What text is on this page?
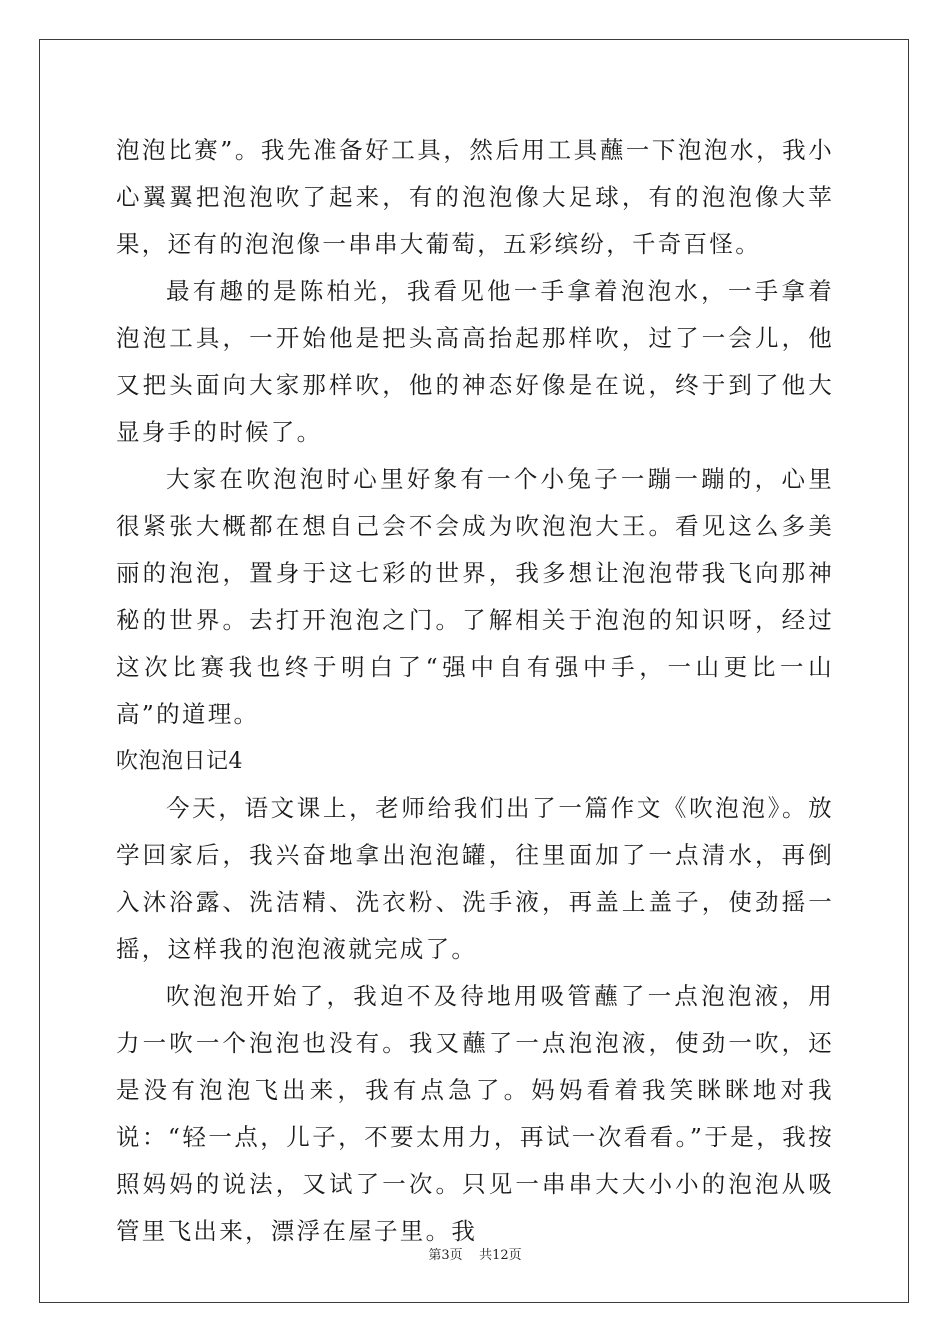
泡泡比赛”。我先准备好工具，然后用工具蘸一下泡泡水，我小心翼翼把泡泡吹了起来，有的泡泡像大足球，有的泡泡像大苹果，还有的泡泡像一串串大葡萄，五彩缤纷，千奇百怪。

最有趣的是陈柏光，我看见他一手拿着泡泡水，一手拿着泡泡工具，一开始他是把头高高抬起那样吹，过了一会儿，他又把头面向大家那样吹，他的神态好像是在说，终于到了他大显身手的时候了。

大家在吹泡泡时心里好象有一个小兔子一蹦一蹦的，心里很紧张大概都在想自己会不会成为吹泡泡大王。看见这么多美丽的泡泡，置身于这七彩的世界，我多想让泡泡带我飞向那神秘的世界。去打开泡泡之门。了解相关于泡泡的知识呀，经过这次比赛我也终于明白了“强中自有强中手，一山更比一山高”的道理。

吹泡泡日记4

今天，语文课上，老师给我们出了一篇作文《吹泡泡》。放学回家后，我兴奋地拿出泡泡罐，往里面加了一点清水，再倒入沐浴露、洗洁精、洗衣粉、洗手液，再盖上盖子，使劲摇一摇，这样我的泡泡液就完成了。

吹泡泡开始了，我迫不及待地用吸管蘸了一点泡泡液，用力一吹一个泡泡也没有。我又蘸了一点泡泡液，使劲一吹，还是没有泡泡飞出来，我有点急了。妈妈看着我笑眯眯地对我说：“轻一点，儿子，不要太用力，再试一次看看。”于是，我按照妈妈的说法，又试了一次。只见一串串大大小小的泡泡从吸管里飞出来，漂浮在屋子里。我

第3页 共12页
